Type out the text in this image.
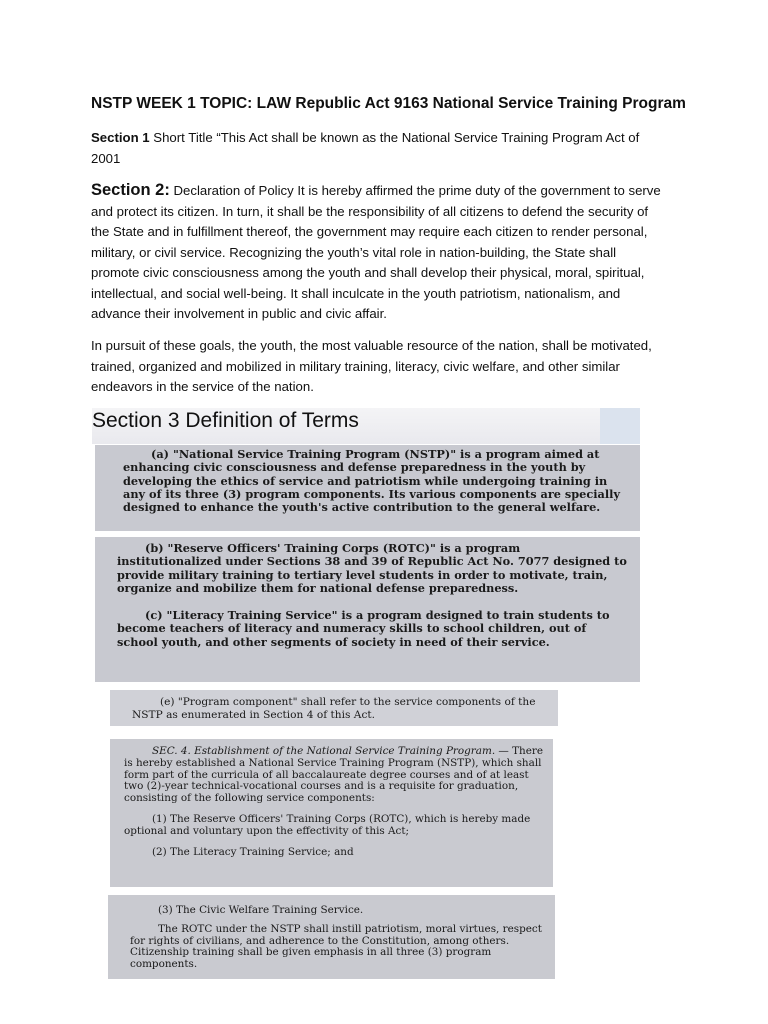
NSTP WEEK 1 TOPIC: LAW Republic Act 9163 National Service Training Program
Section 1 Short Title “This Act shall be known as the National Service Training Program Act of 2001
Section 2: Declaration of Policy It is hereby affirmed the prime duty of the government to serve and protect its citizen. In turn, it shall be the responsibility of all citizens to defend the security of the State and in fulfillment thereof, the government may require each citizen to render personal, military, or civil service. Recognizing the youth’s vital role in nation-building, the State shall promote civic consciousness among the youth and shall develop their physical, moral, spiritual, intellectual, and social well-being. It shall inculcate in the youth patriotism, nationalism, and advance their involvement in public and civic affair.
In pursuit of these goals, the youth, the most valuable resource of the nation, shall be motivated, trained, organized and mobilized in military training, literacy, civic welfare, and other similar endeavors in the service of the nation.
Section 3 Definition of Terms

(a) "National Service Training Program (NSTP)" is a program aimed at enhancing civic consciousness and defense preparedness in the youth by developing the ethics of service and patriotism while undergoing training in any of its three (3) program components. Its various components are specially designed to enhance the youth's active contribution to the general welfare.

(b) "Reserve Officers' Training Corps (ROTC)" is a program institutionalized under Sections 38 and 39 of Republic Act No. 7077 designed to provide military training to tertiary level students in order to motivate, train, organize and mobilize them for national defense preparedness.

(c) "Literacy Training Service" is a program designed to train students to become teachers of literacy and numeracy skills to school children, out of school youth, and other segments of society in need of their service.

(e) "Program component" shall refer to the service components of the NSTP as enumerated in Section 4 of this Act.

SEC. 4. Establishment of the National Service Training Program. — There is hereby established a National Service Training Program (NSTP), which shall form part of the curricula of all baccalaureate degree courses and of at least two (2)-year technical-vocational courses and is a requisite for graduation, consisting of the following service components:

(1) The Reserve Officers' Training Corps (ROTC), which is hereby made optional and voluntary upon the effectivity of this Act;

(2) The Literacy Training Service; and

(3) The Civic Welfare Training Service.

The ROTC under the NSTP shall instill patriotism, moral virtues, respect for rights of civilians, and adherence to the Constitution, among others. Citizenship training shall be given emphasis in all three (3) program components.
